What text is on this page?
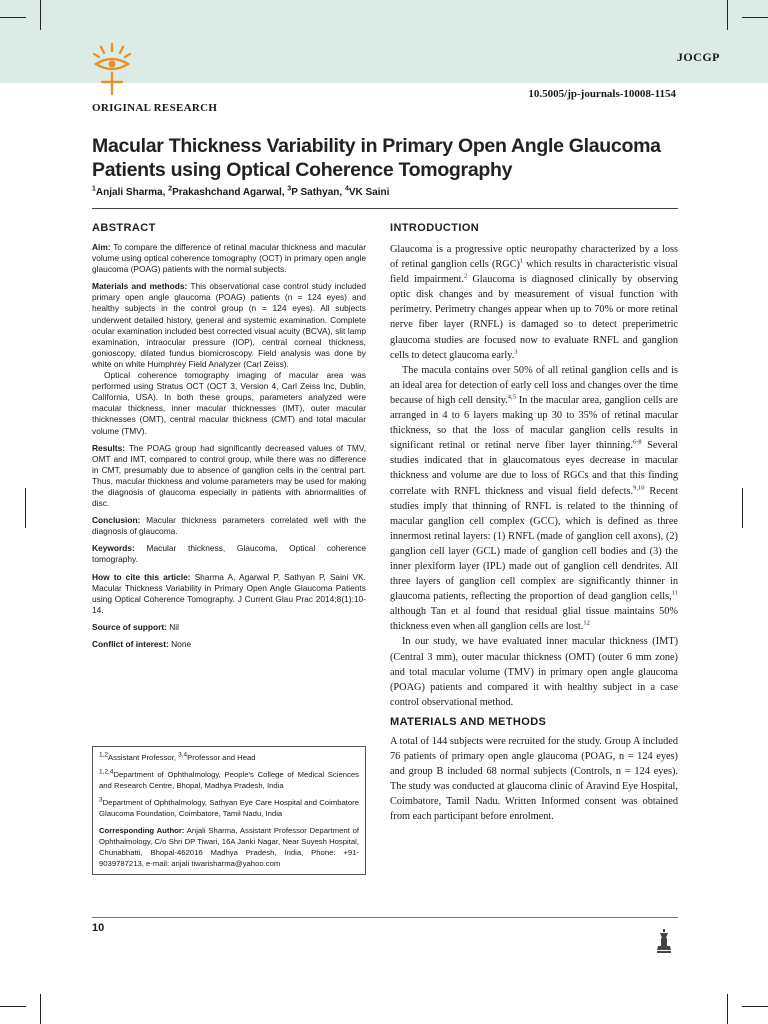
JOCGP
10.5005/jp-journals-10008-1154
ORIGINAL RESEARCH
Macular Thickness Variability in Primary Open Angle Glaucoma Patients using Optical Coherence Tomography
$^1$Anjali Sharma, $^2$Prakashchand Agarwal, $^3$P Sathyan, $^4$VK Saini
ABSTRACT

Aim: To compare the difference of retinal macular thickness and macular volume using optical coherence tomography (OCT) in primary open angle glaucoma (POAG) patients with the normal subjects.

Materials and methods: This observational case control study included primary open angle glaucoma (POAG) patients (n = 124 eyes) and healthy subjects in the control group (n = 124 eyes). All subjects underwent detailed history, general and systemic examination. Complete ocular examination included best corrected visual acuity (BCVA), slit lamp examination, intraocular pressure (IOP), central corneal thickness, gonioscopy, dilated fundus biomicroscopy. Field analysis was done by white on white Humphrey Field Analyzer (Carl Zeiss).

Optical coherence tomography imaging of macular area was performed using Stratus OCT (OCT 3, Version 4, Carl Zeiss Inc, Dublin, California, USA). In both these groups, parameters analyzed were macular thickness, inner macular thicknesses (IMT), outer macular thicknesses (OMT), central macular thickness (CMT) and total macular volume (TMV).

Results: The POAG group had significantly decreased values of TMV, OMT and IMT, compared to control group, while there was no difference in CMT, presumably due to absence of ganglion cells in the central part. Thus, macular thickness and volume parameters may be used for making the diagnosis of glaucoma especially in patients with abnormalities of disc.

Conclusion: Macular thickness parameters correlated well with the diagnosis of glaucoma.

Keywords: Macular thickness, Glaucoma, Optical coherence tomography.

How to cite this article: Sharma A, Agarwal P, Sathyan P, Saini VK. Macular Thickness Variability in Primary Open Angle Glaucoma Patients using Optical Coherence Tomography. J Current Glau Prac 2014;8(1):10-14.

Source of support: Nil

Conflict of interest: None

$^{1,2}$Assistant Professor, $^{3,4}$Professor and Head

$^{1,2,4}$Department of Ophthalmology, People’s College of Medical Sciences and Research Centre, Bhopal, Madhya Pradesh, India

$^3$Department of Ophthalmology, Sathyan Eye Care Hospital and Coimbatore Glaucoma Foundation, Coimbatore, Tamil Nadu, India

Corresponding Author: Anjali Sharma, Assistant Professor Department of Ophthalmology, C/o Shri DP Tiwari, 16A Janki Nagar, Near Suyesh Hospital, Chunabhatti, Bhopal-462016 Madhya Pradesh, India, Phone: +91-9039787213, e-mail: anjali tiwarisharma@yahoo.com

INTRODUCTION

Glaucoma is a progressive optic neuropathy characterized by a loss of retinal ganglion cells (RGC)$^1$ which results in characteristic visual field impairment.$^2$ Glaucoma is diagnosed clinically by observing optic disk changes and by measurement of visual function with perimetry. Perimetry changes appear when up to 70% or more retinal nerve fiber layer (RNFL) is damaged so to detect preperimetric glaucoma studies are focused now to evaluate RNFL and ganglion cells to detect glaucoma early.$^3$

The macula contains over 50% of all retinal ganglion cells and is an ideal area for detection of early cell loss and changes over the time because of high cell density.$^{4,5}$ In the macular area, ganglion cells are arranged in 4 to 6 layers making up 30 to 35% of retinal macular thickness, so that the loss of macular ganglion cells results in significant retinal or retinal nerve fiber layer thinning.$^{6-8}$ Several studies indicated that in glaucomatous eyes decrease in macular thickness and volume are due to loss of RGCs and that this finding correlate with RNFL thickness and visual field defects.$^{9,10}$ Recent studies imply that thinning of RNFL is related to the thinning of macular ganglion cell complex (GCC), which is defined as three innermost retinal layers: (1) RNFL (made of ganglion cell axons), (2) ganglion cell layer (GCL) made of ganglion cell bodies and (3) the inner plexiform layer (IPL) made out of ganglion cell dendrites. All three layers of ganglion cell complex are significantly thinner in glaucoma patients, reflecting the proportion of dead ganglion cells,$^{11}$ although Tan et al found that residual glial tissue maintains 50% thickness even when all ganglion cells are lost.$^{12}$

In our study, we have evaluated inner macular thickness (IMT) (Central 3 mm), outer macular thickness (OMT) (outer 6 mm zone) and total macular volume (TMV) in primary open angle glaucoma (POAG) patients and compared it with healthy subject in a case control observational method.

MATERIALS AND METHODS

A total of 144 subjects were recruited for the study. Group A included 76 patients of primary open angle glaucoma (POAG, n = 124 eyes) and group B included 68 normal subjects (Controls, n = 124 eyes). The study was conducted at glaucoma clinic of Aravind Eye Hospital, Coimbatore, Tamil Nadu. Written Informed consent was obtained from each participant before enrolment.

10
